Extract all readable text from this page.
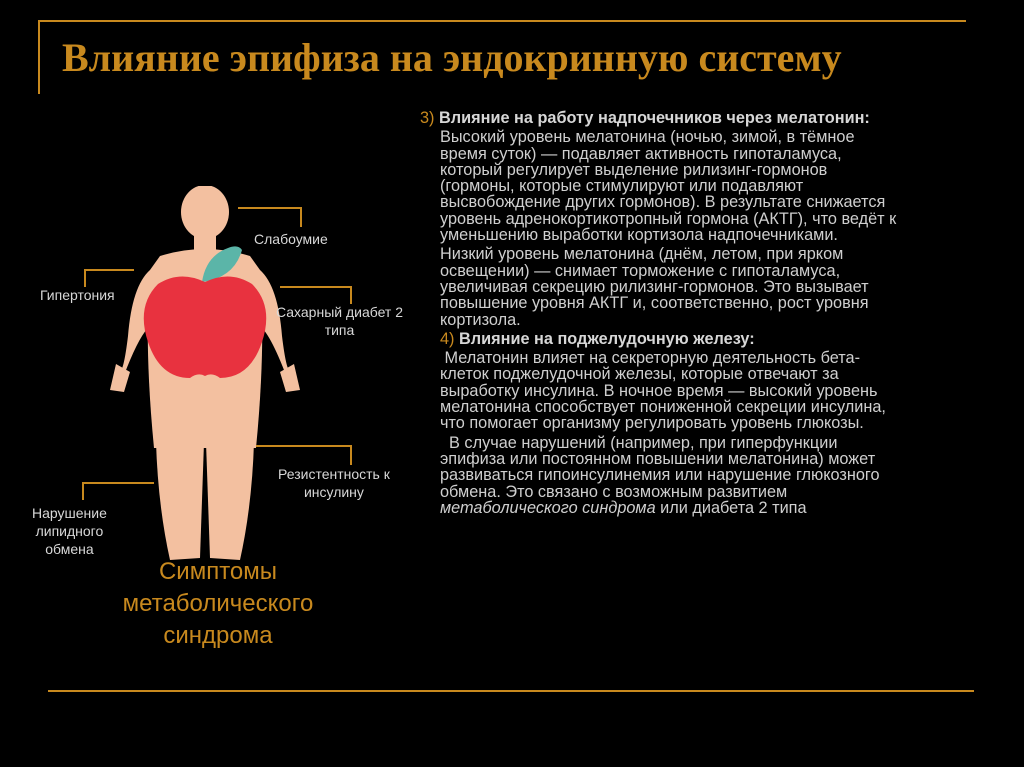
Влияние эпифиза на эндокринную систему
Слабоумие
Гипертония
Сахарный диабет 2
типа
Резистентность к
инсулину
Нарушение
липидного
обмена
Симптомы
метаболического
синдрома

3) Влияние на работу надпочечников через мелатонин:

Высокий уровень мелатонина (ночью, зимой, в тёмное

время суток) — подавляет активность гипоталамуса,

который регулирует выделение рилизинг-гормонов

(гормоны, которые стимулируют или подавляют

высвобождение других гормонов). В результате снижается

уровень адренокортикотропный гормона (АКТГ), что ведёт к

уменьшению выработки кортизола надпочечниками.

Низкий уровень мелатонина (днём, летом, при ярком

освещении) — снимает торможение с гипоталамуса,

увеличивая секрецию рилизинг-гормонов. Это вызывает

повышение уровня АКТГ и, соответственно, рост уровня

кортизола.

4) Влияние на поджелудочную железу:

Мелатонин влияет на секреторную деятельность бета-

клеток поджелудочной железы, которые отвечают за

выработку инсулина. В ночное время — высокий уровень

мелатонина способствует пониженной секреции инсулина,

что помогает организму регулировать уровень глюкозы.

В случае нарушений (например, при гиперфункции

эпифиза или постоянном повышении мелатонина) может

развиваться гипоинсулинемия или нарушение глюкозного

обмена. Это связано с возможным развитием

метаболического синдрома или диабета 2 типа
